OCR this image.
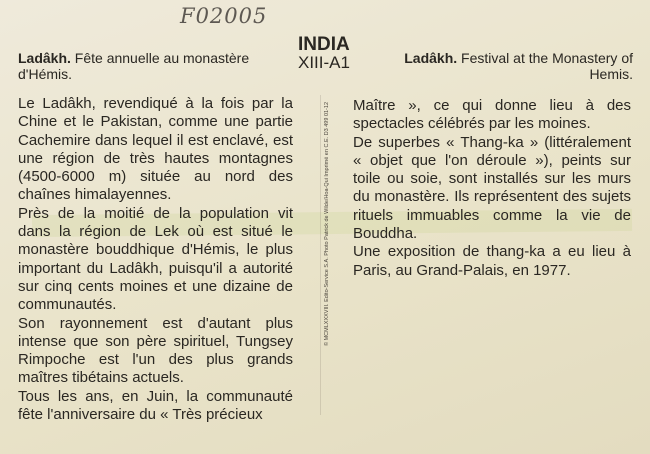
F02005
INDIA
XIII-A1
Ladâkh. Fête annuelle au monastère d'Hémis.
Ladâkh. Festival at the Monastery of Hemis.

Le Ladâkh, revendiqué à la fois par la Chine et le Pakistan, comme une partie Cachemire dans lequel il est enclavé, est une région de très hautes montagnes (4500-6000 m) située au nord des chaînes himalayennes.

Près de la moitié de la population vit dans la région de Lek où est situé le monastère bouddhique d'Hémis, le plus important du Ladâkh, puisqu'il a autorité sur cinq cents moines et une dizaine de communautés.

Son rayonnement est d'autant plus intense que son père spirituel, Tungsey Rimpoche est l'un des plus grands maîtres tibétains actuels.

Tous les ans, en Juin, la communauté fête l'anniversaire du « Très précieux

© MCMLXXXVIII. Edito-Service S.A. Photo Patrick de Wilde/Hoa-Qui Imprimé en C.E. D3 499 01-12 Maître », ce qui donne lieu à des spectacles célébrés par les moines.

De superbes « Thang-ka » (littéralement « objet que l'on déroule »), peints sur toile ou soie, sont installés sur les murs du monastère. Ils représentent des sujets rituels immuables comme la vie de Bouddha.

Une exposition de thang-ka a eu lieu à Paris, au Grand-Palais, en 1977.
